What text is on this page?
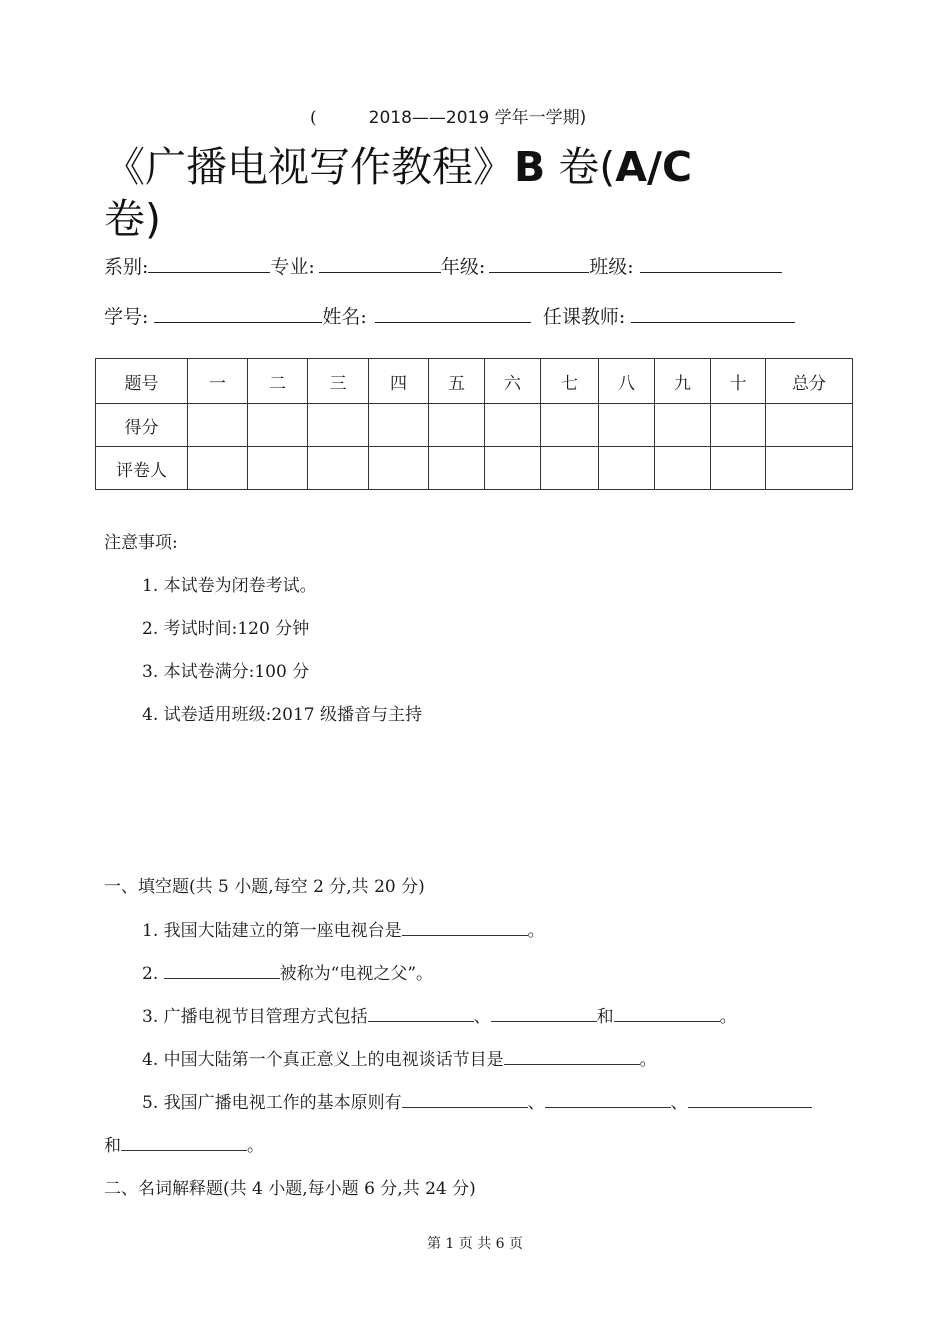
(	2018——2019 学年一学期)
《广播电视写作教程》B 卷(A/C
卷)
系别:	专业:	年级:	班级:
学号:	姓名:	任课教师:
题号	一	二	三	四	五	六	七	八	九	十	总分
得分											
评卷人											
注意事项:
1. 本试卷为闭卷考试。
2. 考试时间:120 分钟
3. 本试卷满分:100 分
4. 试卷适用班级:2017 级播音与主持
一、填空题(共 5 小题,每空 2 分,共 20 分)
1. 我国大陆建立的第一座电视台是	。
2.	被称为“电视之父”。
3. 广播电视节目管理方式包括	、	和	。
4. 中国大陆第一个真正意义上的电视谈话节目是	。
5. 我国广播电视工作的基本原则有	、	、
和	。
二、名词解释题(共 4 小题,每小题 6 分,共 24 分)
第 1 页 共 6 页
